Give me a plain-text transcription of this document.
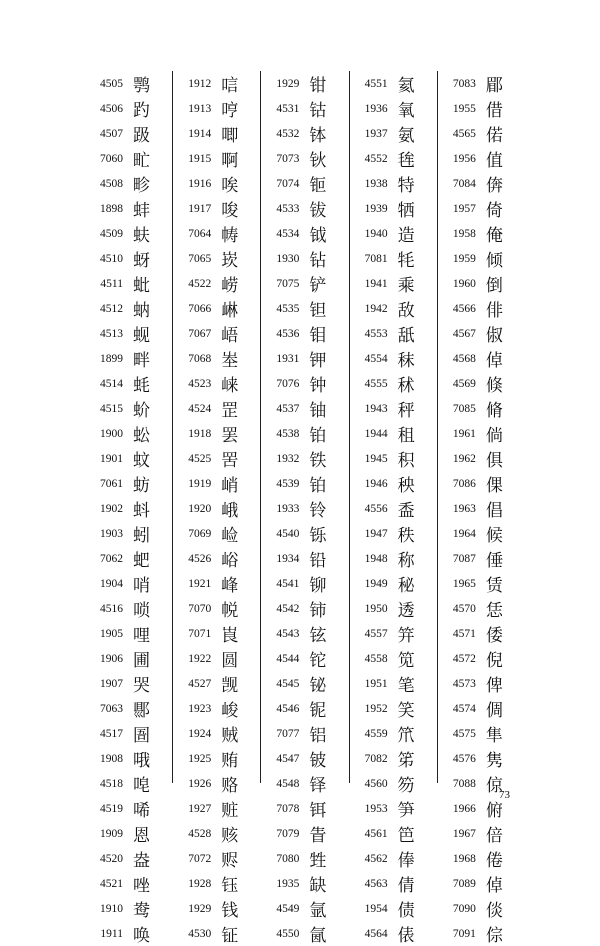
4505 鹗
4506 趵
4507 趿
7060 甿
4508 畛
1898 蚌
4509 蚨
4510 蚜
4511 蚍
4512 蚋
4513 蚬
1899 畔
4514 蚝
4515 蚧
1900 蚣
1901 蚊
7061 蚄
1902 蚪
1903 蚓
7062 蚆
1904 哨
4516 唢
1905 哩
1906 圃
1907 哭
7063 郻
4517 圄
1908 哦
4518 唣
4519 唏
1909 恩
4520 盎
4521 唑
1910 鸯
1911 唤
1912 唁
1913 哼
1914 唧
1915 啊
1916 唉
1917 唆
7064 帱
7065 崁
4522 崂
7066 崊
7067 峿
7068 峚
4523 崃
4524 罡
1918 罢
4525 罟
1919 峭
1920 峨
7069 崄
4526 峪
1921 峰
7070 帨
7071 崀
1922 圆
4527 觊
1923 峻
1924 贼
1925 贿
1926 赂
1927 赃
4528 赅
7072 赆
1928 钰
1929 钱
4530 钲
1929 钳
4531 钴
4532 钵
7073 钬
7074 钷
4533 钹
4534 钺
1930 钻
7075 铲
4535 钽
4536 钼
1931 钾
7076 钟
4537 铀
4538 铂
1932 铁
4539 铂
1933 铃
4540 铄
1934 铅
4541 铆
4542 铈
4543 铉
4544 铊
4545 铋
4546 铌
7077 铝
4547 铍
4548 铎
7078 铒
7079 眚
7080 甡
1935 缺
4549 氩
4550 氤
4551 氦
1936 氧
1937 氨
4552 毪
1938 特
1939 牺
1940 造
7081 牦
1941 乘
1942 敌
4553 舐
4554 秣
4555 秫
1943 秤
1944 租
1945 积
1946 秧
4556 盉
1947 秩
1948 称
1949 秘
1950 透
4557 笄
4558 笕
1951 笔
1952 笑
4559 笊
7082 笫
4560 笏
1953 笋
4561 笆
4562 俸
4563 倩
1954 债
4564 俵
7083 郿
1955 借
4565 偌
1956 值
7084 倴
1957 倚
1958 俺
1959 倾
1960 倒
4566 俳
4567 俶
4568 倬
4569 倏
7085 脩
1961 倘
1962 俱
7086 倮
1963 倡
1964 候
7087 倕
1965 赁
4570 恁
4571 倭
4572 倪
4573 俾
4574 倜
4575 隼
4576 隽
7088 倞
1966 俯
1967 倍
1968 倦
7089 倬
7090 倓
7091 倧
73
